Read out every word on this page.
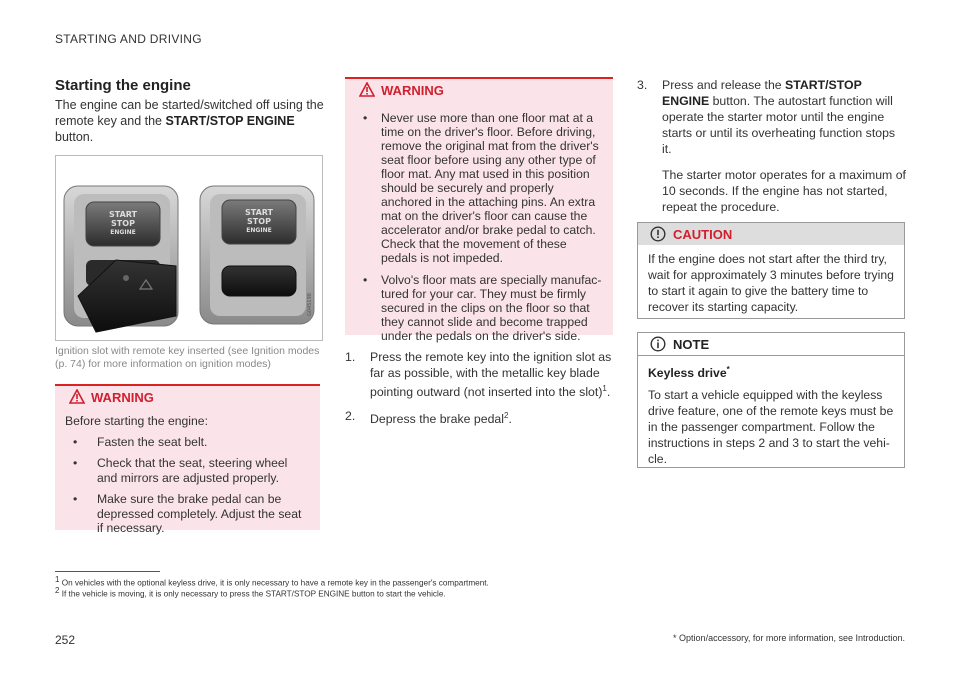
STARTING AND DRIVING
Starting the engine
The engine can be started/switched off using the remote key and the START/STOP ENGINE button.
START
STOP
ENGINE
START
STOP
ENGINE
G045198
Ignition slot with remote key inserted (see Ignition modes (p. 74) for more information on ignition modes)
WARNING
Before starting the engine:
• Fasten the seat belt.
• Check that the seat, steering wheel and mirrors are adjusted properly.
• Make sure the brake pedal can be depressed completely. Adjust the seat if necessary.
WARNING
• Never use more than one floor mat at a time on the driver's floor. Before driving, remove the original mat from the driver's seat floor before using any other type of floor mat. Any mat used in this position should be securely and properly anchored in the attaching pins. An extra mat on the driver's floor can cause the accelerator and/or brake pedal to catch. Check that the movement of these pedals is not impeded.
• Volvo's floor mats are specially manufac-tured for your car. They must be firmly secured in the clips on the floor so that they cannot slide and become trapped under the pedals on the driver's side.
1. Press the remote key into the ignition slot as far as possible, with the metallic key blade pointing outward (not inserted into the slot)$^1$.
2. Depress the brake pedal$^2$.
3. Press and release the START/STOP ENGINE button. The autostart function will operate the starter motor until the engine starts or until its overheating function stops it.
The starter motor operates for a maximum of 10 seconds. If the engine has not started, repeat the procedure.
CAUTION
If the engine does not start after the third try, wait for approximately 3 minutes before trying to start it again to give the battery time to recover its starting capacity.
NOTE
Keyless drive*
To start a vehicle equipped with the keyless drive feature, one of the remote keys must be in the passenger compartment. Follow the instructions in steps 2 and 3 to start the vehi-cle.
$^1$ On vehicles with the optional keyless drive, it is only necessary to have a remote key in the passenger's compartment.
$^2$ If the vehicle is moving, it is only necessary to press the START/STOP ENGINE button to start the vehicle.
252	* Option/accessory, for more information, see Introduction.
